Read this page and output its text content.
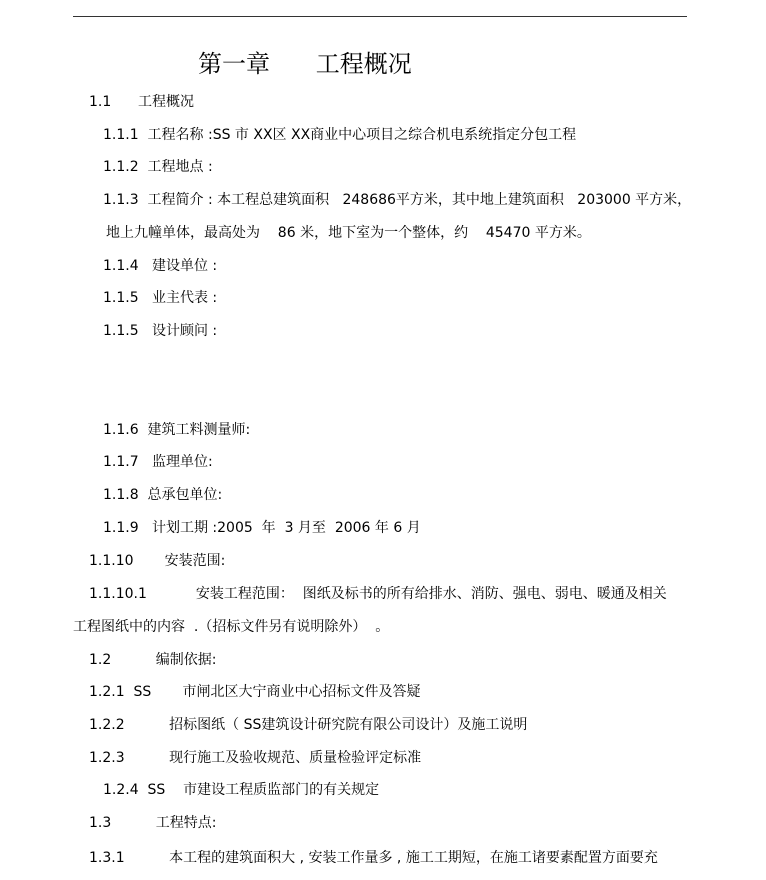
第一章      工程概况
1.1      工程概况
1.1.1  工程名称 :SS 市 XX区 XX商业中心项目之综合机电系统指定分包工程
1.1.2  工程地点 :
1.1.3  工程简介 : 本工程总建筑面积   248686平方米，其中地上建筑面积   203000 平方米，
地上九幢单体，最高处为    86 米，地下室为一个整体，约    45470 平方米。
1.1.4   建设单位 :
1.1.5   业主代表 :
1.1.5   设计顾问 :
1.1.6  建筑工料测量师:
1.1.7   监理单位:
1.1.8  总承包单位:
1.1.9   计划工期 :2005  年  3 月至  2006 年 6 月
1.1.10       安装范围:
1.1.10.1           安装工程范围：  图纸及标书的所有给排水、消防、强电、弱电、暖通及相关
工程图纸中的内容  .（招标文件另有说明除外）  。
1.2          编制依据:
1.2.1  SS       市闸北区大宁商业中心招标文件及答疑
1.2.2          招标图纸（ SS建筑设计研究院有限公司设计）及施工说明
1.2.3          现行施工及验收规范、质量检验评定标准
1.2.4  SS    市建设工程质监部门的有关规定
1.3          工程特点:
1.3.1          本工程的建筑面积大 , 安装工作量多 , 施工工期短，在施工诸要素配置方面要充
